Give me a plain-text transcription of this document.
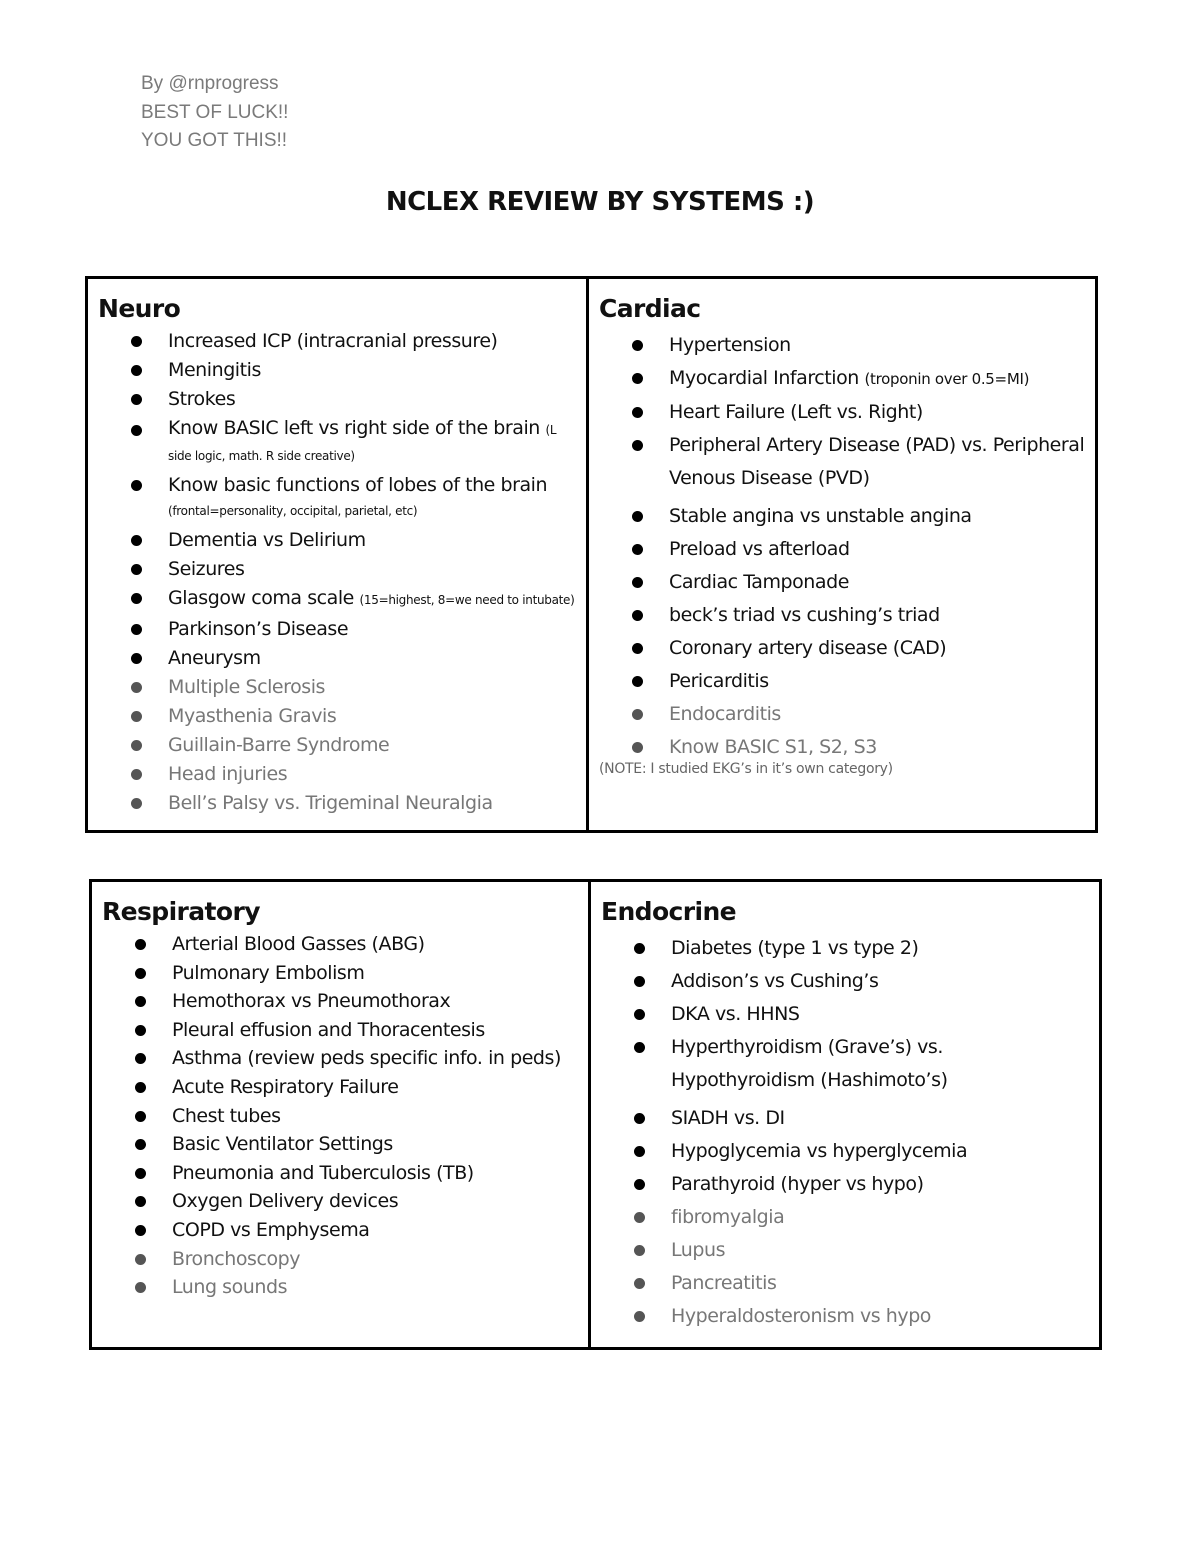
By @rnprogress
BEST OF LUCK!!
YOU GOT THIS!!
NCLEX REVIEW BY SYSTEMS :)
Neuro
Increased ICP (intracranial pressure)
Meningitis
Strokes
Know BASIC left vs right side of the brain (L side logic, math. R side creative)
Know basic functions of lobes of the brain (frontal=personality, occipital, parietal, etc)
Dementia vs Delirium
Seizures
Glasgow coma scale (15=highest, 8=we need to intubate)
Parkinson’s Disease
Aneurysm
Multiple Sclerosis
Myasthenia Gravis
Guillain-Barre Syndrome
Head injuries
Bell’s Palsy vs. Trigeminal Neuralgia

Cardiac
Hypertension
Myocardial Infarction (troponin over 0.5=MI)
Heart Failure (Left vs. Right)
Peripheral Artery Disease (PAD) vs. Peripheral Venous Disease (PVD)
Stable angina vs unstable angina
Preload vs afterload
Cardiac Tamponade
beck’s triad vs cushing’s triad
Coronary artery disease (CAD)
Pericarditis
Endocarditis
Know BASIC S1, S2, S3
(NOTE: I studied EKG’s in it’s own category)
Respiratory
Arterial Blood Gasses (ABG)
Pulmonary Embolism
Hemothorax vs Pneumothorax
Pleural effusion and Thoracentesis
Asthma (review peds specific info. in peds)
Acute Respiratory Failure
Chest tubes
Basic Ventilator Settings
Pneumonia and Tuberculosis (TB)
Oxygen Delivery devices
COPD vs Emphysema
Bronchoscopy
Lung sounds

Endocrine
Diabetes (type 1 vs type 2)
Addison’s vs Cushing’s
DKA vs. HHNS
Hyperthyroidism (Grave’s) vs. Hypothyroidism (Hashimoto’s)
SIADH vs. DI
Hypoglycemia vs hyperglycemia
Parathyroid (hyper vs hypo)
fibromyalgia
Lupus
Pancreatitis
Hyperaldosteronism vs hypo
